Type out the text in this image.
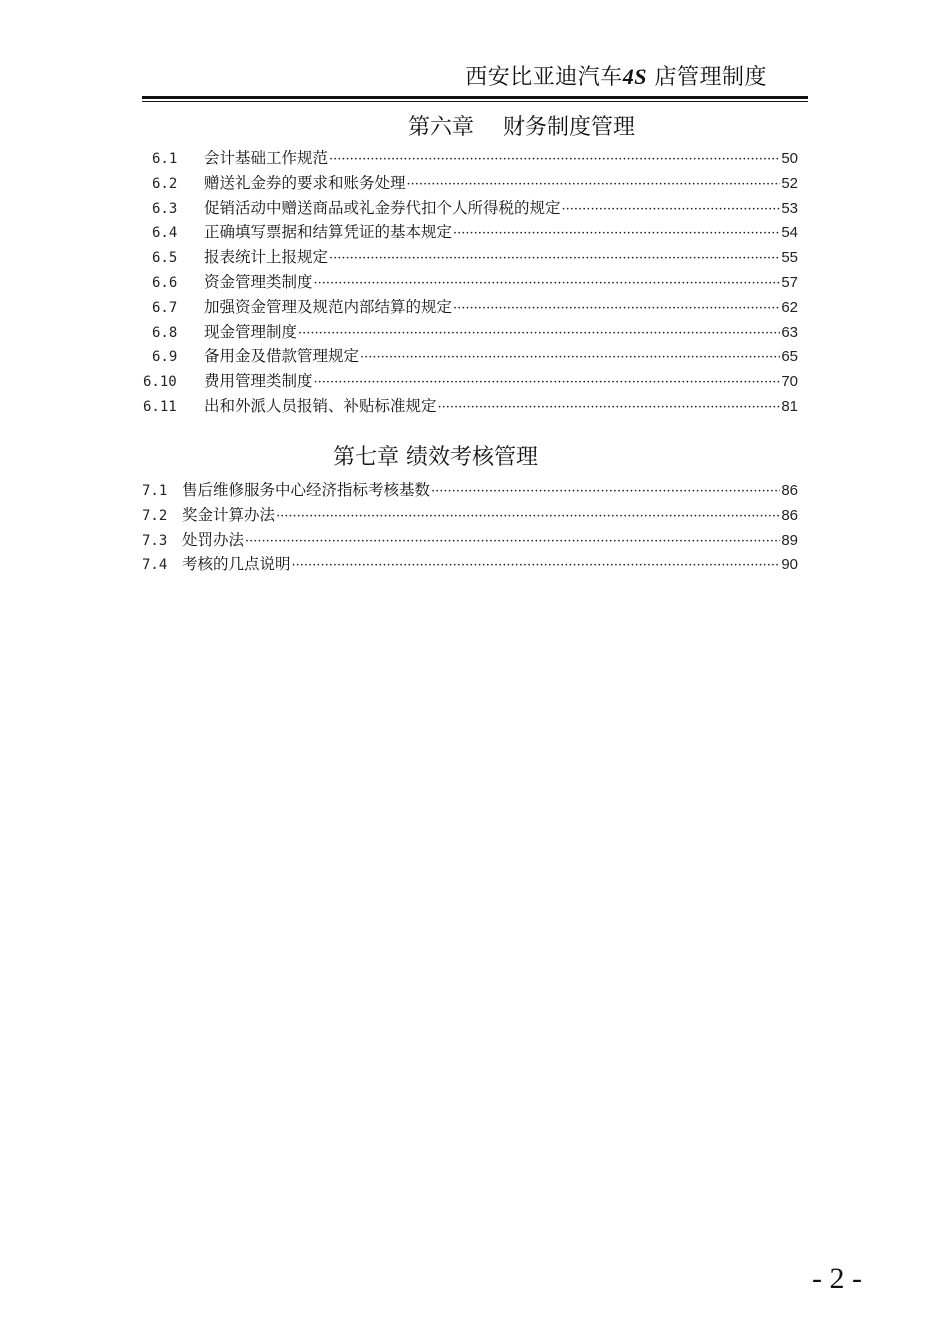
西安比亚迪汽车4S 店管理制度
第六章　 财务制度管理
6.1	会计基础工作规范 ·····	50
6.2	赠送礼金券的要求和账务处理 ·····	52
6.3	促销活动中赠送商品或礼金券代扣个人所得税的规定 ·····	53
6.4	正确填写票据和结算凭证的基本规定 ·····	54
6.5	报表统计上报规定 ·····	55
6.6	资金管理类制度 ·····	57
6.7	加强资金管理及规范内部结算的规定 ·····	62
6.8	现金管理制度 ·····	63
6.9	备用金及借款管理规定 ·····	65
6.10	费用管理类制度 ·····	70
6.11	出和外派人员报销、补贴标准规定 ·····	81
第七章 绩效考核管理
7.1 售后维修服务中心经济指标考核基数 ·····	86
7.2 奖金计算办法 ·····	86
7.3 处罚办法 ·····	89
7.4 考核的几点说明 ·····	90
- 2 -
